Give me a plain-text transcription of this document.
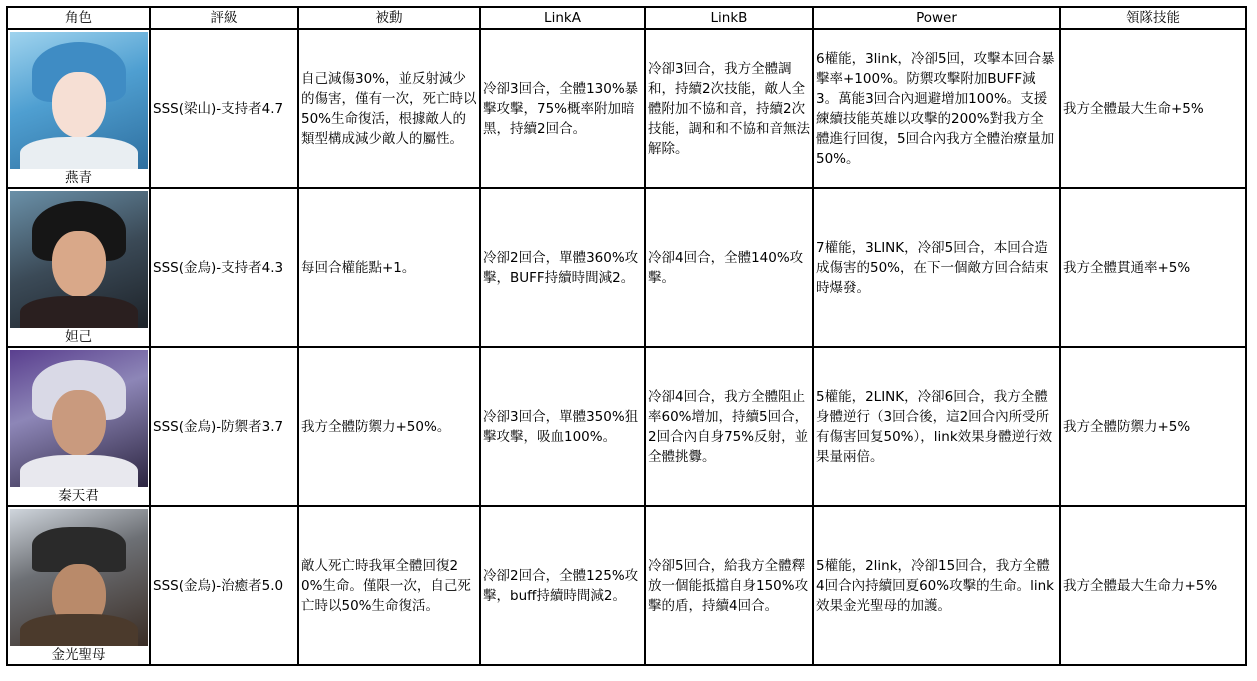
角色	評級	被動	LinkA	LinkB	Power	領隊技能

燕青	SSS(梁山)-支持者4.7	自己減傷30%，並反射減少的傷害，僅有一次，死亡時以50%生命復活，根據敵人的類型構成減少敵人的屬性。	冷卻3回合，全體130%暴擊攻擊，75%概率附加暗黑，持續2回合。	冷卻3回合，我方全體調和，持續2次技能，敵人全體附加不協和音，持續2次技能，調和和不協和音無法解除。	6權能，3link，冷卻5回，攻擊本回合暴擊率+100%。防禦攻擊附加BUFF減3。萬能3回合內迴避增加100%。支援練續技能英雄以攻擊的200%對我方全體進行回復，5回合內我方全體治療量加50%。	我方全體最大生命+5%

妲己	SSS(金烏)-支持者4.3	每回合權能點+1。	冷卻2回合，單體360%攻擊，BUFF持續時間減2。	冷卻4回合，全體140%攻擊。	7權能，3LINK，冷卻5回合，本回合造成傷害的50%，在下一個敵方回合結束時爆發。	我方全體貫通率+5%

秦天君	SSS(金烏)-防禦者3.7	我方全體防禦力+50%。	冷卻3回合，單體350%狙擊攻擊，吸血100%。	冷卻4回合，我方全體阻止率60%增加，持續5回合，2回合內自身75%反射，並全體挑釁。	5權能，2LINK，冷卻6回合，我方全體身體逆行（3回合後，這2回合內所受所有傷害回复50%），link效果身體逆行效果量兩倍。	我方全體防禦力+5%

金光聖母	SSS(金烏)-治癒者5.0	敵人死亡時我軍全體回復20%生命。僅限一次，自己死亡時以50%生命復活。	冷卻2回合，全體125%攻擊，buff持續時間減2。	冷卻5回合，給我方全體釋放一個能抵擋自身150%攻擊的盾，持續4回合。	5權能，2link，冷卻15回合，我方全體4回合內持續回夏60%攻擊的生命。link效果金光聖母的加護。	我方全體最大生命力+5%
